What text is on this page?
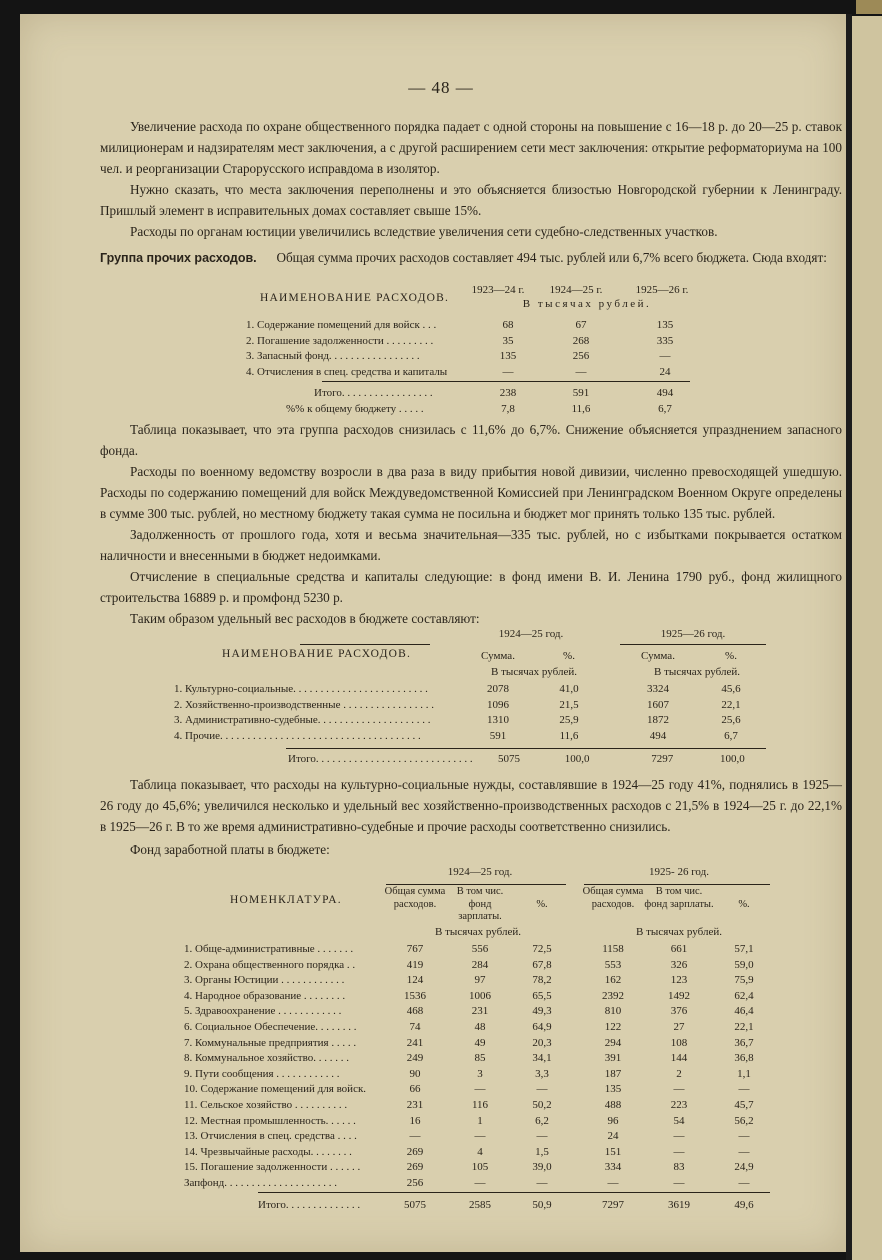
— 48 —

Увеличение расхода по охране общественного порядка падает с одной стороны на повышение с 16—18 р. до 20—25 р. ставок милиционерам и надзирателям мест заключения, а с другой расширением сети мест заключения: открытие реформаториума на 100 чел. и реорганизации Старорусского исправдома в изолятор.

Нужно сказать, что места заключения переполнены и это объясняется близостью Новгородской губернии к Ленинграду. Пришлый элемент в исправительных домах составляет свыше 15%.

Расходы по органам юстиции увеличились вследствие увеличения сети судебно-следственных участков.

Группа прочих расходов. Общая сумма прочих расходов составляет 494 тыс. рублей или 6,7% всего бюджета. Сюда входят:

НАИМЕНОВАНИЕ РАСХОДОВ.
1923—24 г.	1924—25 г.	1925—26 г.
В тысячах рублей.
1. Содержание помещений для войск . . .	68	67	135
2. Погашение задолженности . . . . . . . . .	35	268	335
3. Запасный фонд. . . . . . . . . . . . . . . . .	135	256	—
4. Отчисления в спец. средства и капиталы	—	—	24
Итого. . . . . . . . . . . . . . . . .	238	591	494
%% к общему бюджету . . . . .	7,8	11,6	6,7

Таблица показывает, что эта группа расходов снизилась с 11,6% до 6,7%. Снижение объясняется упразднением запасного фонда.

Расходы по военному ведомству возросли в два раза в виду прибытия новой дивизии, численно превосходящей ушедшую. Расходы по содержанию помещений для войск Междуведомственной Комиссией при Ленинградском Военном Округе определены в сумме 300 тыс. рублей, но местному бюджету такая сумма не посильна и бюджет мог принять только 135 тыс. рублей.

Задолженность от прошлого года, хотя и весьма значительная—335 тыс. рублей, но с избытками покрывается остатком наличности и внесенными в бюджет недоимками.

Отчисление в специальные средства и капиталы следующие: в фонд имени В. И. Ленина 1790 руб., фонд жилищного строительства 16889 р. и промфонд 5230 р.

Таким образом удельный вес расходов в бюджете составляют:

НАИМЕНОВАНИЕ РАСХОДОВ.
1924—25 год.	1925—26 год.
Сумма.	%.	Сумма.	%.
В тысячах рублей.	В тысячах рублей.
1. Культурно-социальные. . . . . . . . . . . . . . . . . . . . . . . . .	2078	41,0		3324	45,6
2. Хозяйственно-производственные . . . . . . . . . . . . . . . . .	1096	21,5		1607	22,1
3. Административно-судебные. . . . . . . . . . . . . . . . . . . . .	1310	25,9		1872	25,6
4. Прочие. . . . . . . . . . . . . . . . . . . . . . . . . . . . . . . . . . . . .	591	11,6		494	6,7
Итого. . . . . . . . . . . . . . . . . . . . . . . . . . . . .	5075	100,0		7297	100,0

Таблица показывает, что расходы на культурно-социальные нужды, составлявшие в 1924—25 году 41%, поднялись в 1925—26 году до 45,6%; увеличился несколько и удельный вес хозяйственно-производственных расходов с 21,5% в 1924—25 г. до 22,1% в 1925—26 г. В то же время административно-судебные и прочие расходы соответственно снизились.

Фонд заработной платы в бюджете:

НОМЕНКЛАТУРА.
1924—25 год.	1925- 26 год.
Общая сумма расходов.
В том чис. фонд зарплаты.
%.
Общая сумма расходов.
В том чис. фонд зарплаты.	%.
В тысячах рублей.	В тысячах рублей.
1. Обще-административные . . . . . . .	767	556	72,5		1158	661	57,1
2. Охрана общественного порядка . .	419	284	67,8		553	326	59,0
3. Органы Юстиции . . . . . . . . . . . .	124	97	78,2		162	123	75,9
4. Народное образование . . . . . . . .	1536	1006	65,5		2392	1492	62,4
5. Здравоохранение . . . . . . . . . . . .	468	231	49,3		810	376	46,4
6. Социальное Обеспечение. . . . . . . .	74	48	64,9		122	27	22,1
7. Коммунальные предприятия . . . . .	241	49	20,3		294	108	36,7
8. Коммунальное хозяйство. . . . . . .	249	85	34,1		391	144	36,8
9. Пути сообщения . . . . . . . . . . . .	90	3	3,3		187	2	1,1
10. Содержание помещений для войск.	66	—	—		135	—	—
11. Сельское хозяйство . . . . . . . . . .	231	116	50,2		488	223	45,7
12. Местная промышленность. . . . . .	16	1	6,2		96	54	56,2
13. Отчисления в спец. средства . . . .	—	—	—		24	—	—
14. Чрезвычайные расходы. . . . . . . .	269	4	1,5		151	—	—
15. Погашение задолженности . . . . . .	269	105	39,0		334	83	24,9
Запфонд. . . . . . . . . . . . . . . . . . . . .	256	—	—		—	—	—
Итого. . . . . . . . . . . . . .	5075	2585	50,9		7297	3619	49,6
